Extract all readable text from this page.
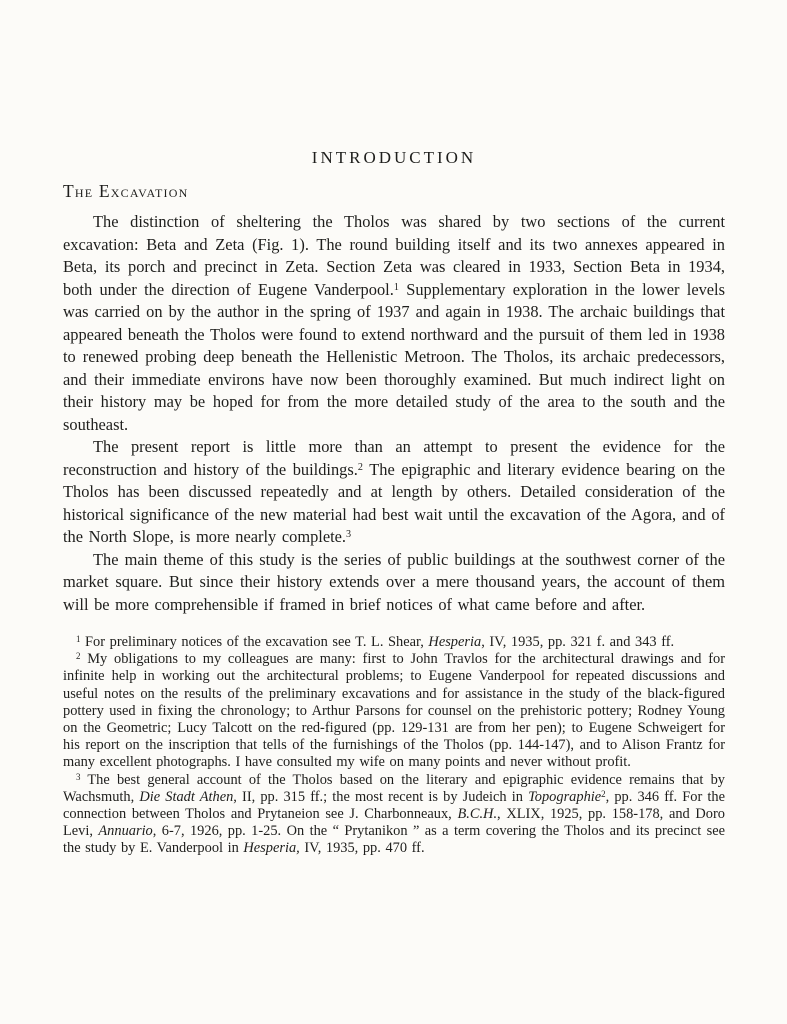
INTRODUCTION
The Excavation

The distinction of sheltering the Tholos was shared by two sections of the current excavation: Beta and Zeta (Fig. 1). The round building itself and its two annexes appeared in Beta, its porch and precinct in Zeta. Section Zeta was cleared in 1933, Section Beta in 1934, both under the direction of Eugene Vanderpool.$^1$ Supplementary exploration in the lower levels was carried on by the author in the spring of 1937 and again in 1938. The archaic buildings that appeared beneath the Tholos were found to extend northward and the pursuit of them led in 1938 to renewed probing deep beneath the Hellenistic Metroon. The Tholos, its archaic predecessors, and their immediate environs have now been thoroughly examined. But much indirect light on their history may be hoped for from the more detailed study of the area to the south and the southeast.

The present report is little more than an attempt to present the evidence for the reconstruction and history of the buildings.$^2$ The epigraphic and literary evidence bearing on the Tholos has been discussed repeatedly and at length by others. Detailed consideration of the historical significance of the new material had best wait until the excavation of the Agora, and of the North Slope, is more nearly complete.$^3$

The main theme of this study is the series of public buildings at the southwest corner of the market square. But since their history extends over a mere thousand years, the account of them will be more comprehensible if framed in brief notices of what came before and after.

$^1$ For preliminary notices of the excavation see T. L. Shear, Hesperia, IV, 1935, pp. 321 f. and 343 ff.

$^2$ My obligations to my colleagues are many: first to John Travlos for the architectural drawings and for infinite help in working out the architectural problems; to Eugene Vanderpool for repeated discussions and useful notes on the results of the preliminary excavations and for assistance in the study of the black-figured pottery used in fixing the chronology; to Arthur Parsons for counsel on the prehistoric pottery; Rodney Young on the Geometric; Lucy Talcott on the red-figured (pp. 129-131 are from her pen); to Eugene Schweigert for his report on the inscription that tells of the furnishings of the Tholos (pp. 144-147), and to Alison Frantz for many excellent photographs. I have consulted my wife on many points and never without profit.

$^3$ The best general account of the Tholos based on the literary and epigraphic evidence remains that by Wachsmuth, Die Stadt Athen, II, pp. 315 ff.; the most recent is by Judeich in Topographie$^2$, pp. 346 ff. For the connection between Tholos and Prytaneion see J. Charbonneaux, B.C.H., XLIX, 1925, pp. 158-178, and Doro Levi, Annuario, 6-7, 1926, pp. 1-25. On the “ Prytanikon ” as a term covering the Tholos and its precinct see the study by E. Vanderpool in Hesperia, IV, 1935, pp. 470 ff.
